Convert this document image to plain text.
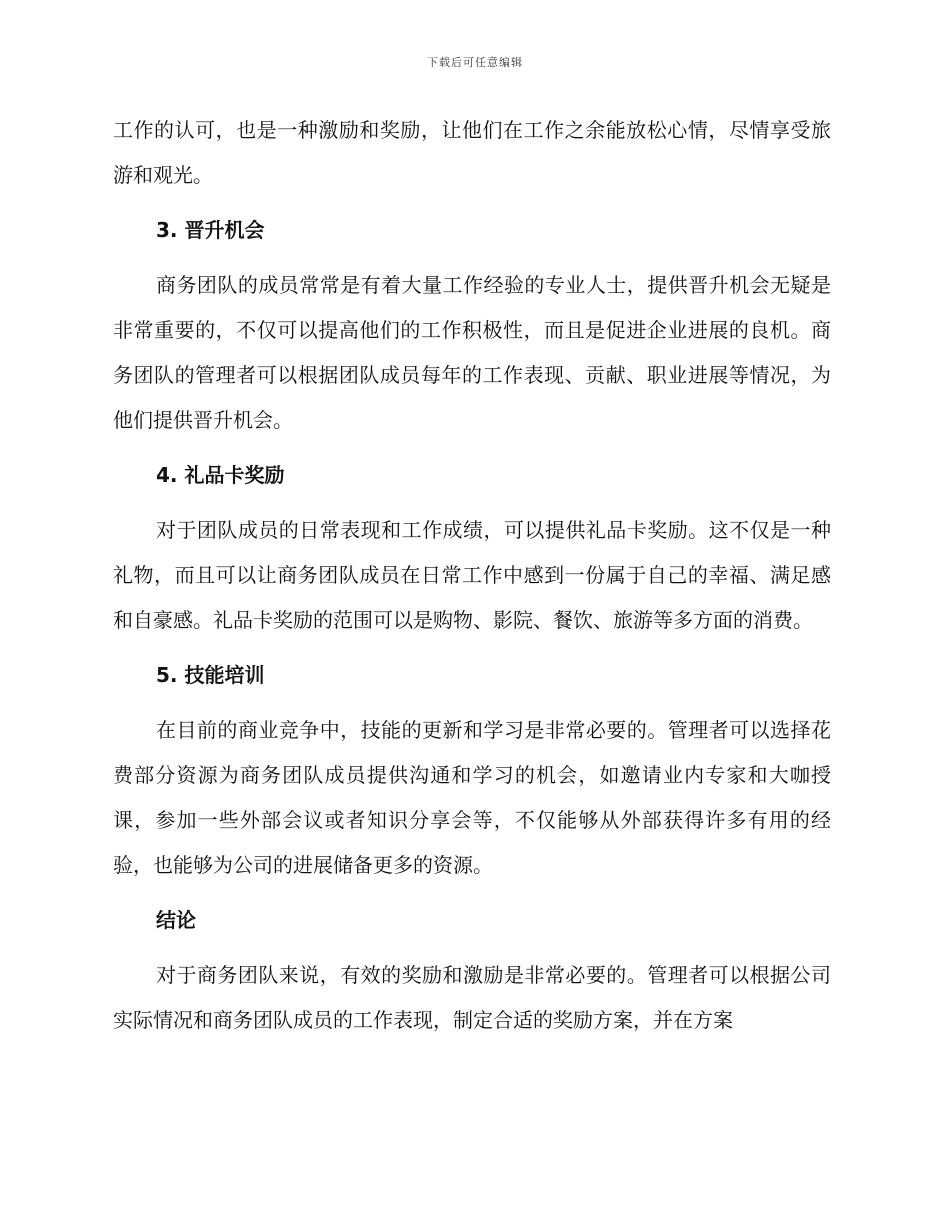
下载后可任意编辑

工作的认可，也是一种激励和奖励，让他们在工作之余能放松心情，尽情享受旅游和观光。

3. 晋升机会

商务团队的成员常常是有着大量工作经验的专业人士，提供晋升机会无疑是非常重要的，不仅可以提高他们的工作积极性，而且是促进企业进展的良机。商务团队的管理者可以根据团队成员每年的工作表现、贡献、职业进展等情况，为他们提供晋升机会。

4. 礼品卡奖励

对于团队成员的日常表现和工作成绩，可以提供礼品卡奖励。这不仅是一种礼物，而且可以让商务团队成员在日常工作中感到一份属于自己的幸福、满足感和自豪感。礼品卡奖励的范围可以是购物、影院、餐饮、旅游等多方面的消费。

5. 技能培训

在目前的商业竞争中，技能的更新和学习是非常必要的。管理者可以选择花费部分资源为商务团队成员提供沟通和学习的机会，如邀请业内专家和大咖授课，参加一些外部会议或者知识分享会等，不仅能够从外部获得许多有用的经验，也能够为公司的进展储备更多的资源。

结论

对于商务团队来说，有效的奖励和激励是非常必要的。管理者可以根据公司实际情况和商务团队成员的工作表现，制定合适的奖励方案，并在方案
